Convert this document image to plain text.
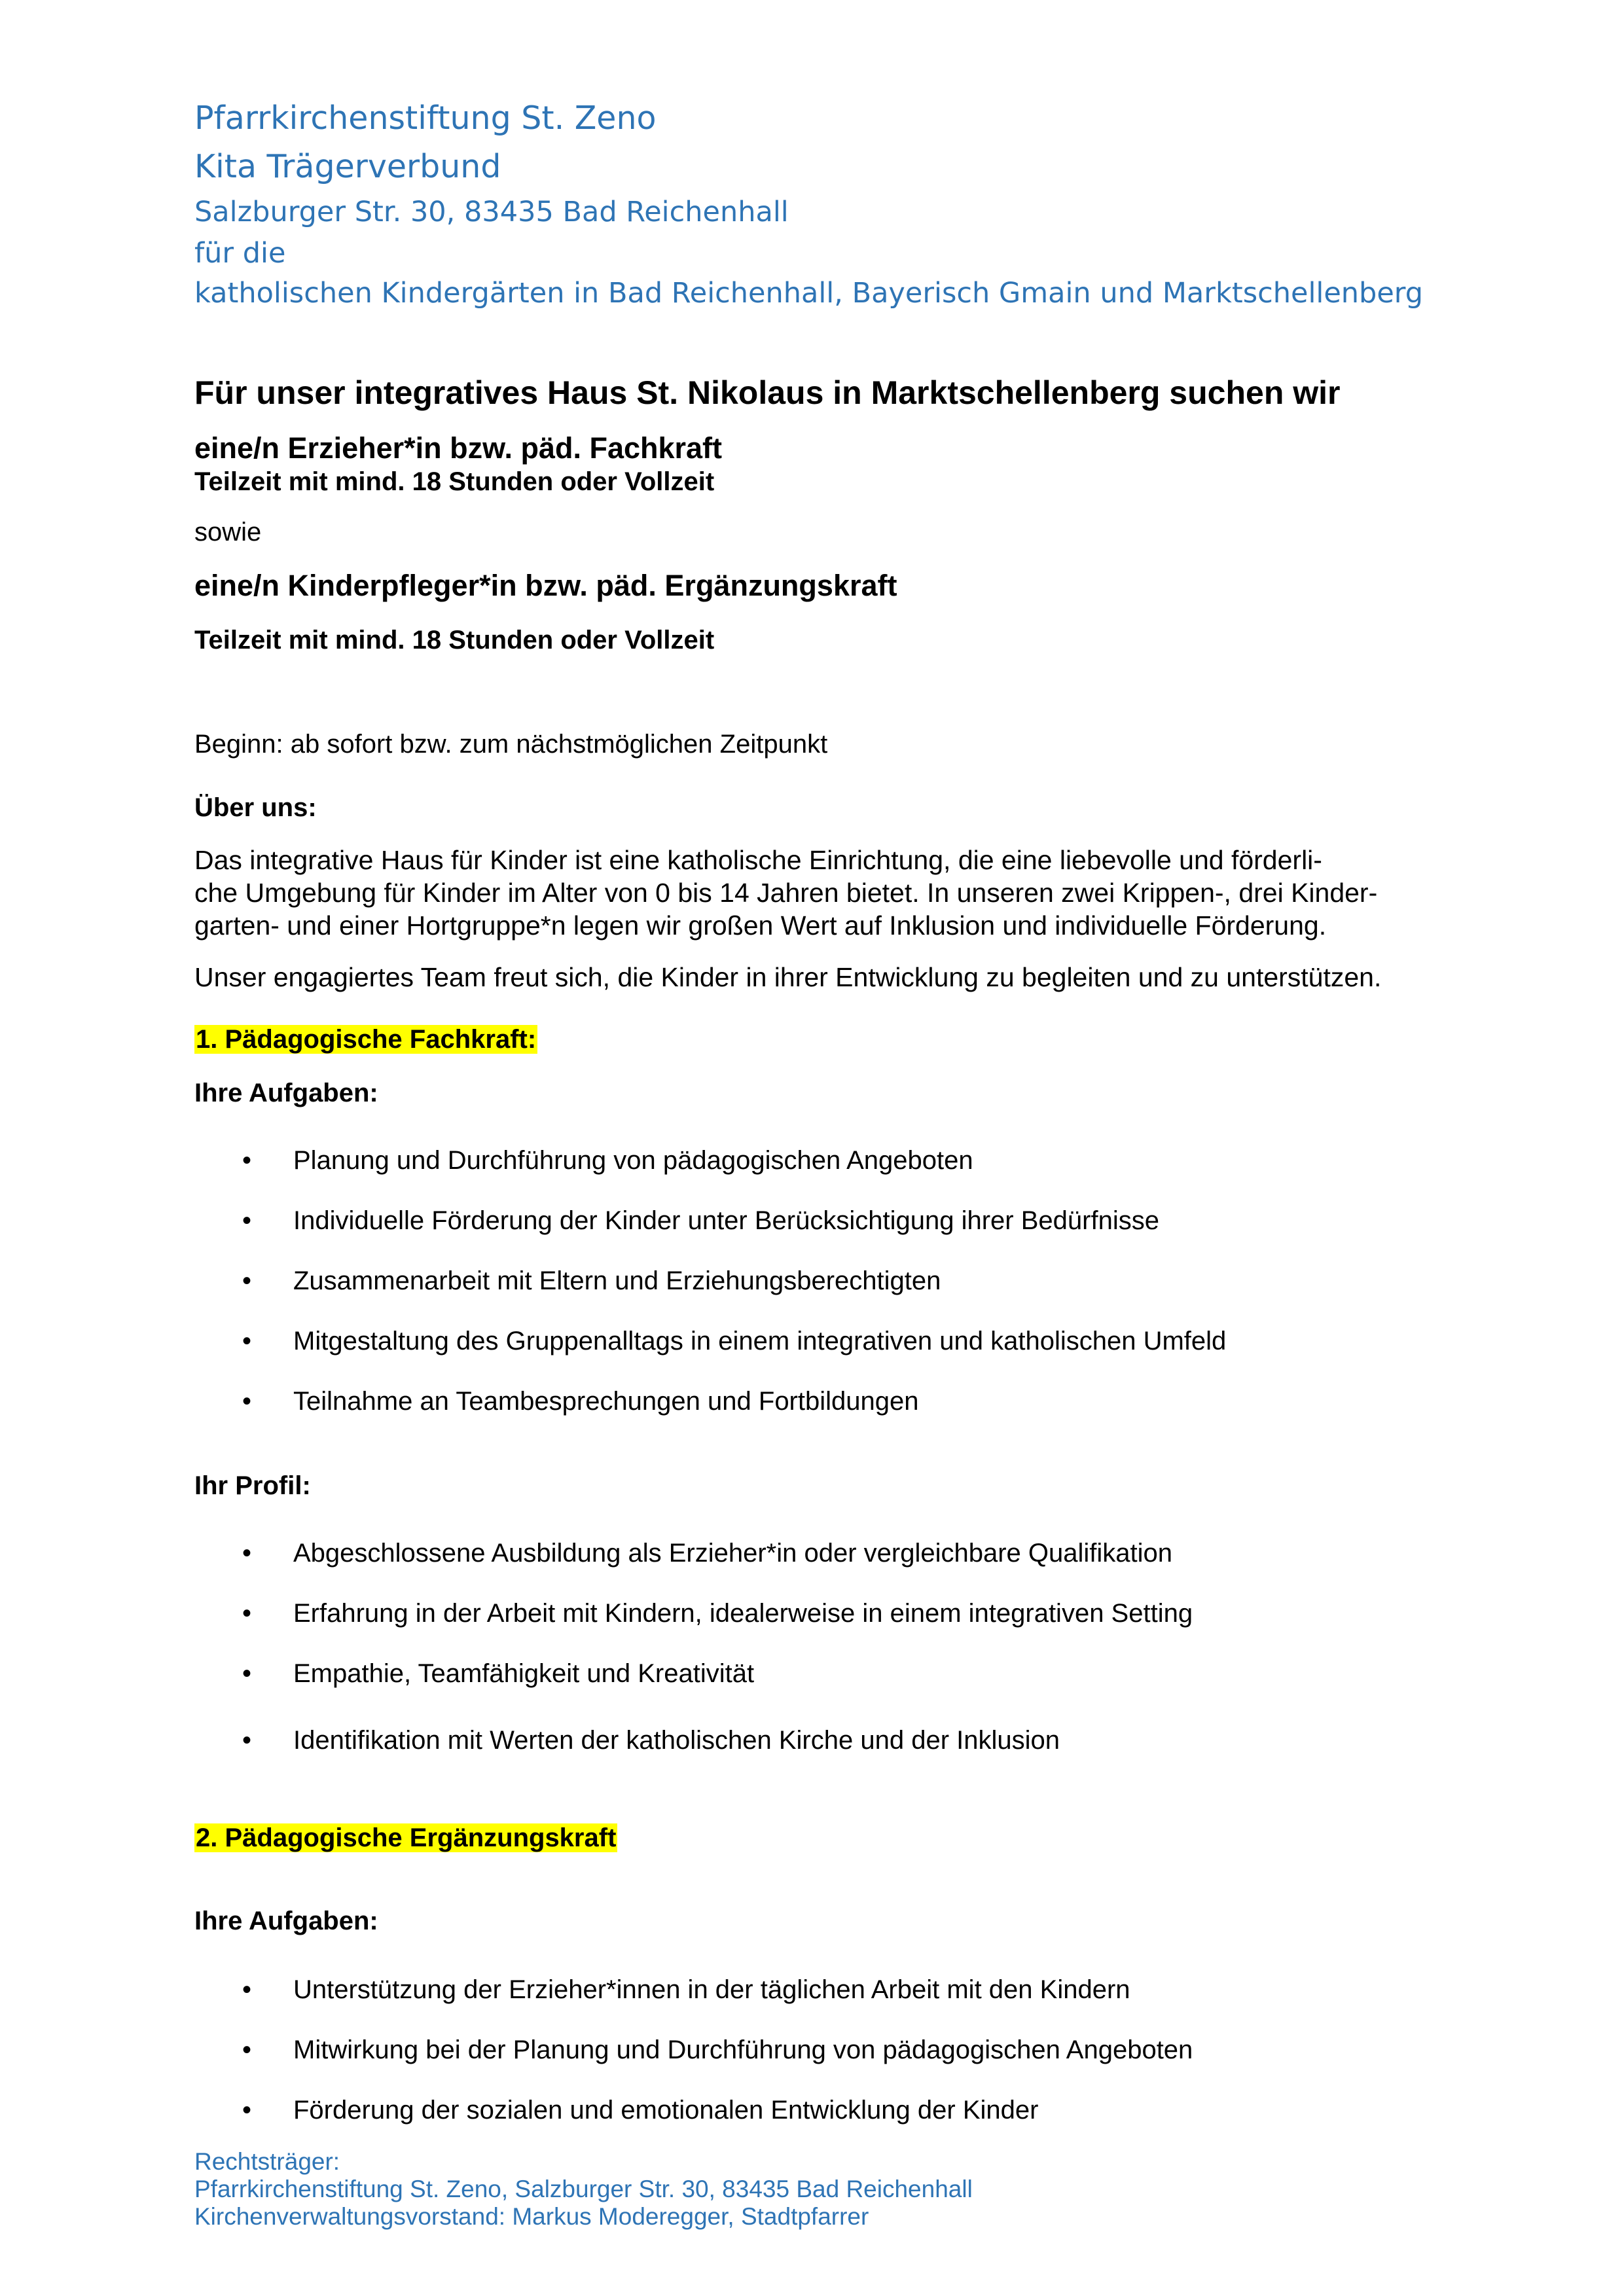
Pfarrkirchenstiftung St. Zeno
Kita Trägerverbund
Salzburger Str. 30, 83435 Bad Reichenhall
für die
katholischen Kindergärten in Bad Reichenhall, Bayerisch Gmain und Marktschellenberg
Für unser integratives Haus St. Nikolaus in Marktschellenberg suchen wir
eine/n Erzieher*in bzw. päd. Fachkraft
Teilzeit mit mind. 18 Stunden oder Vollzeit
sowie
eine/n Kinderpfleger*in bzw. päd. Ergänzungskraft
Teilzeit mit mind. 18 Stunden oder Vollzeit
Beginn: ab sofort bzw. zum nächstmöglichen Zeitpunkt
Über uns:
Das integrative Haus für Kinder ist eine katholische Einrichtung, die eine liebevolle und förderli-
che Umgebung für Kinder im Alter von 0 bis 14 Jahren bietet. In unseren zwei Krippen-, drei Kinder-
garten- und einer Hortgruppe*n legen wir großen Wert auf Inklusion und individuelle Förderung.
Unser engagiertes Team freut sich, die Kinder in ihrer Entwicklung zu begleiten und zu unterstützen.
1. Pädagogische Fachkraft:
Ihre Aufgaben:
• Planung und Durchführung von pädagogischen Angeboten
• Individuelle Förderung der Kinder unter Berücksichtigung ihrer Bedürfnisse
• Zusammenarbeit mit Eltern und Erziehungsberechtigten
• Mitgestaltung des Gruppenalltags in einem integrativen und katholischen Umfeld
• Teilnahme an Teambesprechungen und Fortbildungen
Ihr Profil:
• Abgeschlossene Ausbildung als Erzieher*in oder vergleichbare Qualifikation
• Erfahrung in der Arbeit mit Kindern, idealerweise in einem integrativen Setting
• Empathie, Teamfähigkeit und Kreativität
• Identifikation mit Werten der katholischen Kirche und der Inklusion
2. Pädagogische Ergänzungskraft
Ihre Aufgaben:
• Unterstützung der Erzieher*innen in der täglichen Arbeit mit den Kindern
• Mitwirkung bei der Planung und Durchführung von pädagogischen Angeboten
• Förderung der sozialen und emotionalen Entwicklung der Kinder
Rechtsträger:
Pfarrkirchenstiftung St. Zeno, Salzburger Str. 30, 83435 Bad Reichenhall
Kirchenverwaltungsvorstand: Markus Moderegger, Stadtpfarrer
